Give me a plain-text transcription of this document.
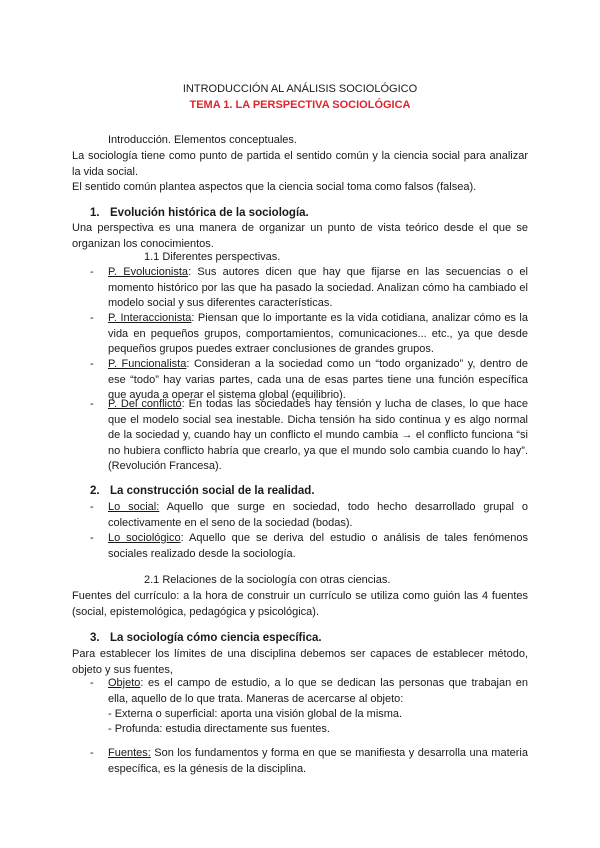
INTRODUCCIÓN AL ANÁLISIS SOCIOLÓGICO
TEMA 1. LA PERSPECTIVA SOCIOLÓGICA
Introducción. Elementos conceptuales.
La sociología tiene como punto de partida el sentido común y la ciencia social para analizar la vida social.
El sentido común plantea aspectos que la ciencia social toma como falsos (falsea).
1. Evolución histórica de la sociología.
Una perspectiva es una manera de organizar un punto de vista teórico desde el que se organizan los conocimientos.
1.1 Diferentes perspectivas.
- P. Evolucionista: Sus autores dicen que hay que fijarse en las secuencias o el momento histórico por las que ha pasado la sociedad. Analizan cómo ha cambiado el modelo social y sus diferentes características.
- P. Interaccionista: Piensan que lo importante es la vida cotidiana, analizar cómo es la vida en pequeños grupos, comportamientos, comunicaciones... etc., ya que desde pequeños grupos puedes extraer conclusiones de grandes grupos.
- P. Funcionalista: Consideran a la sociedad como un “todo organizado” y, dentro de ese “todo” hay varias partes, cada una de esas partes tiene una función específica que ayuda a operar el sistema global (equilibrio).
- P. Del conflicto: En todas las sociedades hay tensión y lucha de clases, lo que hace que el modelo social sea inestable. Dicha tensión ha sido continua y es algo normal de la sociedad y, cuando hay un conflicto el mundo cambia → el conflicto funciona “si no hubiera conflicto habría que crearlo, ya que el mundo solo cambia cuando lo hay”. (Revolución Francesa).
2. La construcción social de la realidad.
- Lo social: Aquello que surge en sociedad, todo hecho desarrollado grupal o colectivamente en el seno de la sociedad (bodas).
- Lo sociológico: Aquello que se deriva del estudio o análisis de tales fenómenos sociales realizado desde la sociología.
2.1 Relaciones de la sociología con otras ciencias.
Fuentes del currículo: a la hora de construir un currículo se utiliza como guión las 4 fuentes (social, epistemológica, pedagógica y psicológica).
3. La sociología cómo ciencia específica.
Para establecer los límites de una disciplina debemos ser capaces de establecer método, objeto y sus fuentes,
- Objeto: es el campo de estudio, a lo que se dedican las personas que trabajan en ella, aquello de lo que trata. Maneras de acercarse al objeto:
- Externa o superficial: aporta una visión global de la misma.
- Profunda: estudia directamente sus fuentes.
- Fuentes: Son los fundamentos y forma en que se manifiesta y desarrolla una materia específica, es la génesis de la disciplina.
